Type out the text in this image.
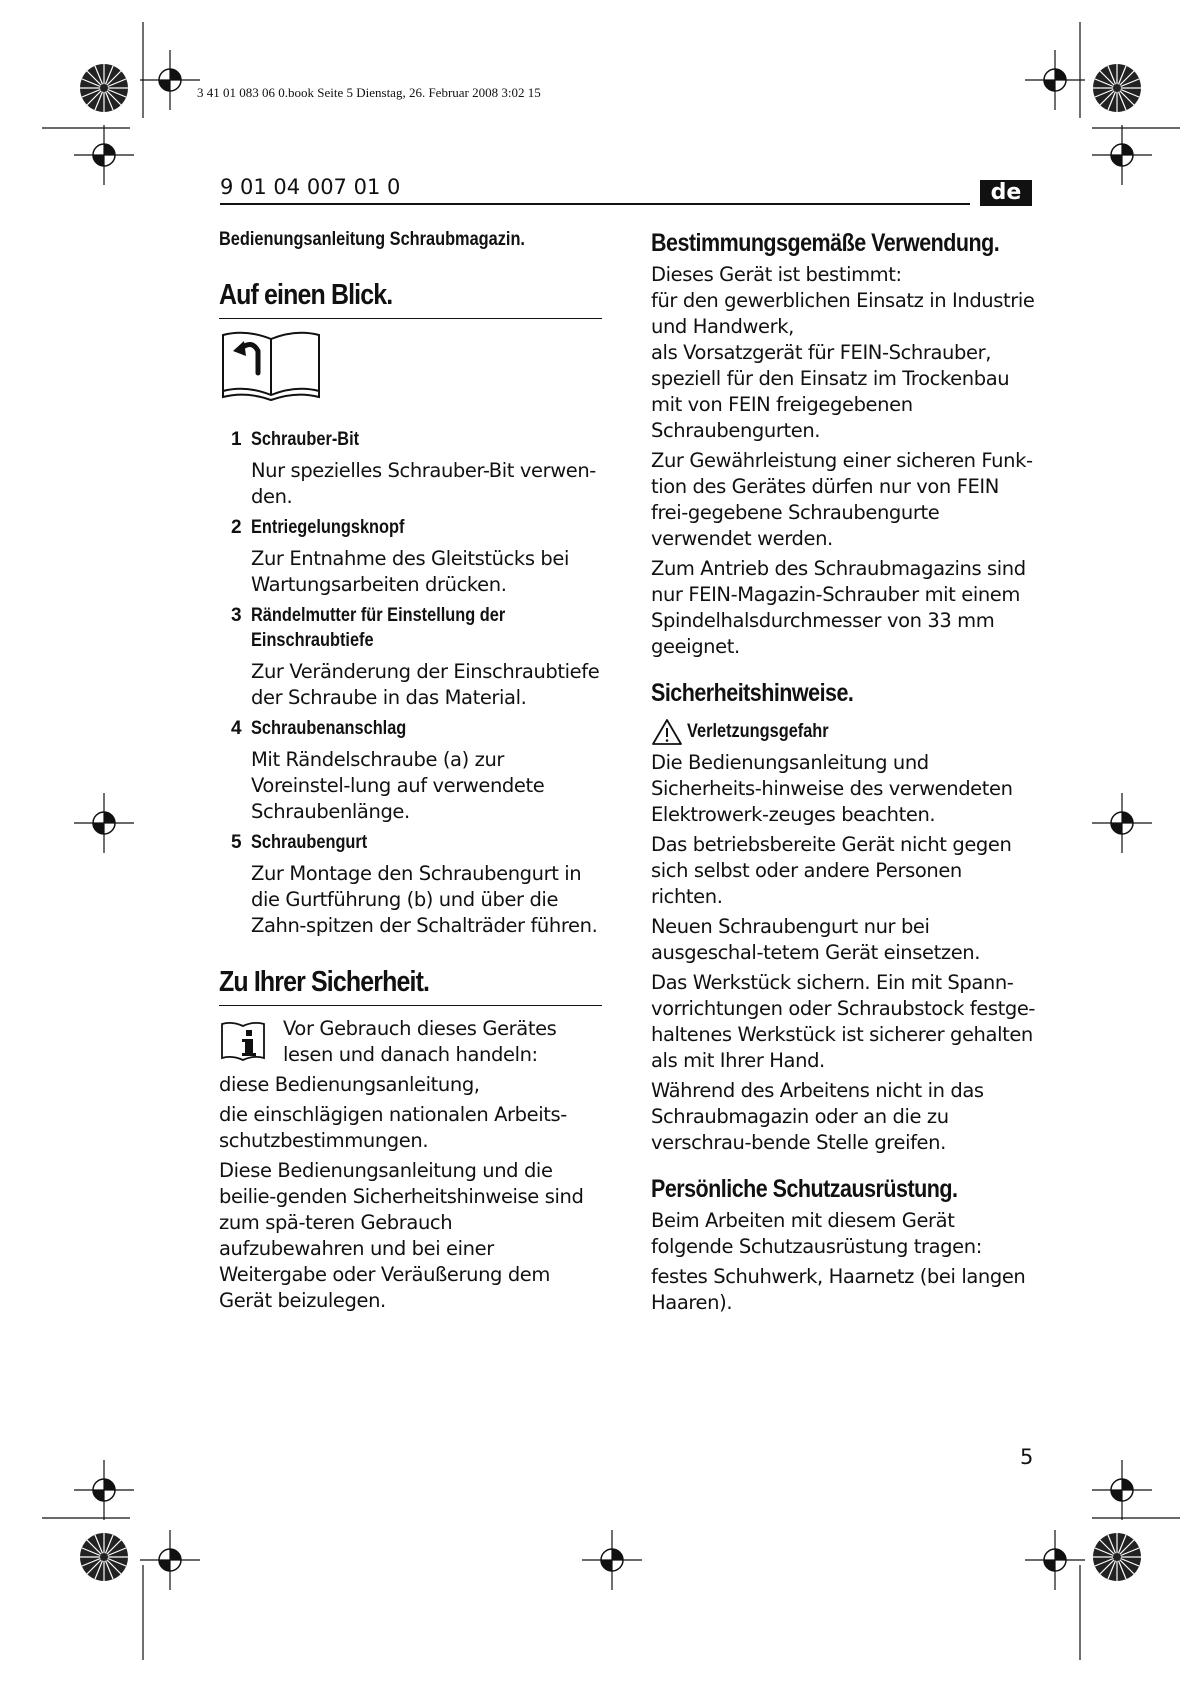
3 41 01 083 06 0.book Seite 5 Dienstag, 26. Februar 2008 3:02 15
9 01 04 007 01 0	de
Bedienungsanleitung Schraubmagazin.
Auf einen Blick.
1 Schrauber-Bit
Nur spezielles Schrauber-Bit verwen-den.
2 Entriegelungsknopf
Zur Entnahme des Gleitstücks bei Wartungsarbeiten drücken.
3 Rändelmutter für Einstellung der Einschraubtiefe
Zur Veränderung der Einschraubtiefe der Schraube in das Material.
4 Schraubenanschlag
Mit Rändelschraube (a) zur Voreinstel-lung auf verwendete Schraubenlänge.
5 Schraubengurt
Zur Montage den Schraubengurt in die Gurtführung (b) und über die Zahn-spitzen der Schalträder führen.
Zu Ihrer Sicherheit.
Vor Gebrauch dieses Gerätes lesen und danach handeln:

diese Bedienungsanleitung,

die einschlägigen nationalen Arbeits-schutzbestimmungen.

Diese Bedienungsanleitung und die beilie-genden Sicherheitshinweise sind zum spä-teren Gebrauch aufzubewahren und bei einer Weitergabe oder Veräußerung dem Gerät beizulegen.

Bestimmungsgemäße Verwendung.

Dieses Gerät ist bestimmt:

für den gewerblichen Einsatz in Industrie und Handwerk,

als Vorsatzgerät für FEIN-Schrauber, speziell für den Einsatz im Trockenbau mit von FEIN freigegebenen Schraubengurten.

Zur Gewährleistung einer sicheren Funk-tion des Gerätes dürfen nur von FEIN frei-gegebene Schraubengurte verwendet werden.

Zum Antrieb des Schraubmagazins sind nur FEIN-Magazin-Schrauber mit einem Spindelhalsdurchmesser von 33 mm geeignet.

Sicherheitshinweise.
Verletzungsgefahr

Die Bedienungsanleitung und Sicherheits-hinweise des verwendeten Elektrowerk-zeuges beachten.

Das betriebsbereite Gerät nicht gegen sich selbst oder andere Personen richten.

Neuen Schraubengurt nur bei ausgeschal-tetem Gerät einsetzen.

Das Werkstück sichern. Ein mit Spann-vorrichtungen oder Schraubstock festge-haltenes Werkstück ist sicherer gehalten als mit Ihrer Hand.

Während des Arbeitens nicht in das Schraubmagazin oder an die zu verschrau-bende Stelle greifen.

Persönliche Schutzausrüstung.

Beim Arbeiten mit diesem Gerät folgende Schutzausrüstung tragen:

festes Schuhwerk, Haarnetz (bei langen Haaren).

5
